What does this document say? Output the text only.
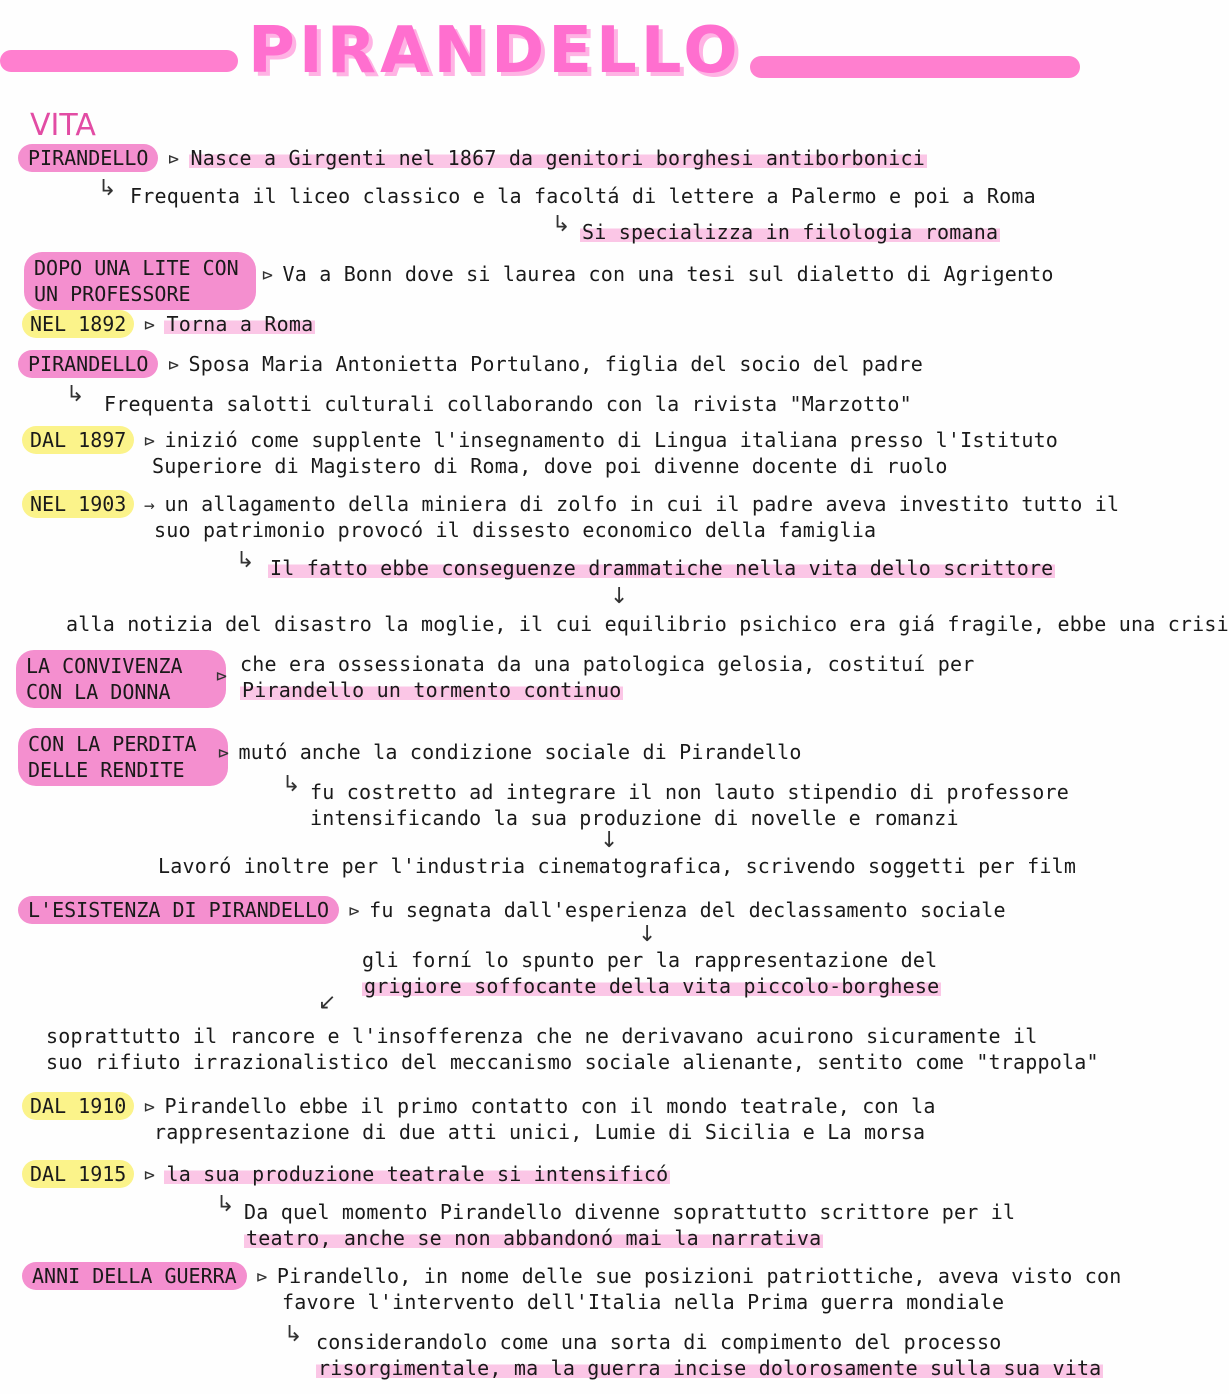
PIRANDELLO
VITA
PIRANDELLO ⊳ Nasce a Girgenti nel 1867 da genitori borghesi antiborbonici
↳ Frequenta il liceo classico e la facoltá di lettere a Palermo e poi a Roma
↳ Si specializza in filologia romana
DOPO UNA LITE CON UN PROFESSORE
⊳ Va a Bonn dove si laurea con una tesi sul dialetto di Agrigento
NEL 1892 ⊳ Torna a Roma
PIRANDELLO ⊳ Sposa Maria Antonietta Portulano, figlia del socio del padre
↳ Frequenta salotti culturali collaborando con la rivista "Marzotto"
DAL 1897 ⊳ inizió come supplente l'insegnamento di Lingua italiana presso l'Istituto
Superiore di Magistero di Roma, dove poi divenne docente di ruolo
NEL 1903 → un allagamento della miniera di zolfo in cui il padre aveva investito tutto il
suo patrimonio provocó il dissesto economico della famiglia
↳ Il fatto ebbe conseguenze drammatiche nella vita dello scrittore
↓
alla notizia del disastro la moglie, il cui equilibrio psichico era giá fragile, ebbe una crisi
LA CONVIVENZA CON LA DONNA
⊳
che era ossessionata da una patologica gelosia, costituí per
Pirandello un tormento continuo
CON LA PERDITA DELLE RENDITE
⊳ mutó anche la condizione sociale di Pirandello
↳ fu costretto ad integrare il non lauto stipendio di professore
intensificando la sua produzione di novelle e romanzi
↓
Lavoró inoltre per l'industria cinematografica, scrivendo soggetti per film
L'ESISTENZA DI PIRANDELLO ⊳ fu segnata dall'esperienza del declassamento sociale
↓
gli forní lo spunto per la rappresentazione del
grigiore soffocante della vita piccolo-borghese
↙
soprattutto il rancore e l'insofferenza che ne derivavano acuirono sicuramente il
suo rifiuto irrazionalistico del meccanismo sociale alienante, sentito come "trappola"
DAL 1910 ⊳ Pirandello ebbe il primo contatto con il mondo teatrale, con la
rappresentazione di due atti unici, Lumie di Sicilia e La morsa
DAL 1915 ⊳ la sua produzione teatrale si intensificó
↳ Da quel momento Pirandello divenne soprattutto scrittore per il
teatro, anche se non abbandonó mai la narrativa
ANNI DELLA GUERRA ⊳ Pirandello, in nome delle sue posizioni patriottiche, aveva visto con
favore l'intervento dell'Italia nella Prima guerra mondiale
↳ considerandolo come una sorta di compimento del processo
risorgimentale, ma la guerra incise dolorosamente sulla sua vita
